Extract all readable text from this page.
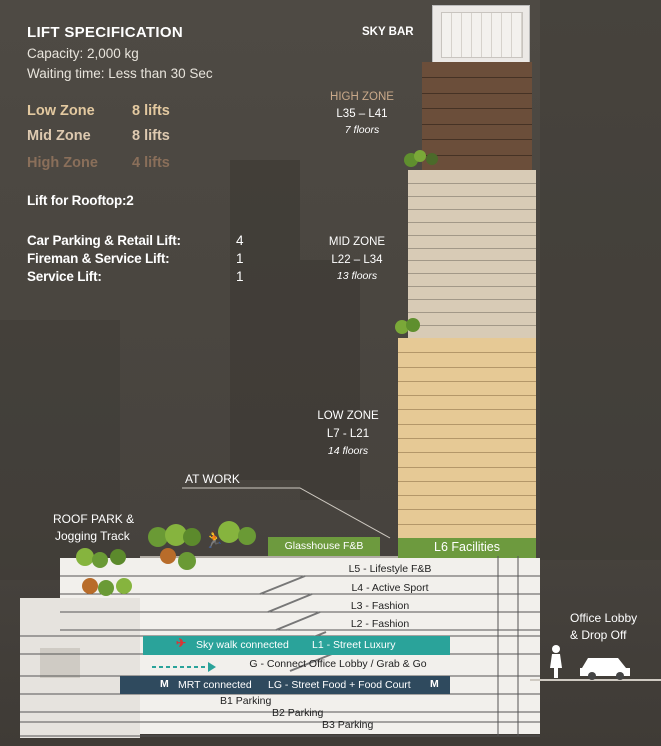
LIFT SPECIFICATION
Capacity: 2,000 kg
Waiting time: Less than 30 Sec
Low Zone	8 lifts
Mid Zone	8 lifts
High Zone 4 lifts
Lift for Rooftop:2
Car Parking & Retail Lift:	4
Fireman & Service Lift:	1
Service Lift:	1
SKY BAR
HIGH ZONE
L35 – L41
7 floors
MID ZONE
L22 – L34
13 floors
LOW ZONE
L7 - L21
14 floors
L6 Facilities
AT WORK
ROOF PARK &
Jogging Track
Glasshouse F&B
L5 - Lifestyle F&B
L4 - Active Sport
L3 - Fashion
L2 - Fashion
Sky walk connected L1 - Street Luxury
✈
G - Connect Office Lobby / Grab & Go
M MRT connected LG - Street Food + Food Court M
B1 Parking
B2 Parking
B3 Parking
🏃
Office Lobby
& Drop Off
